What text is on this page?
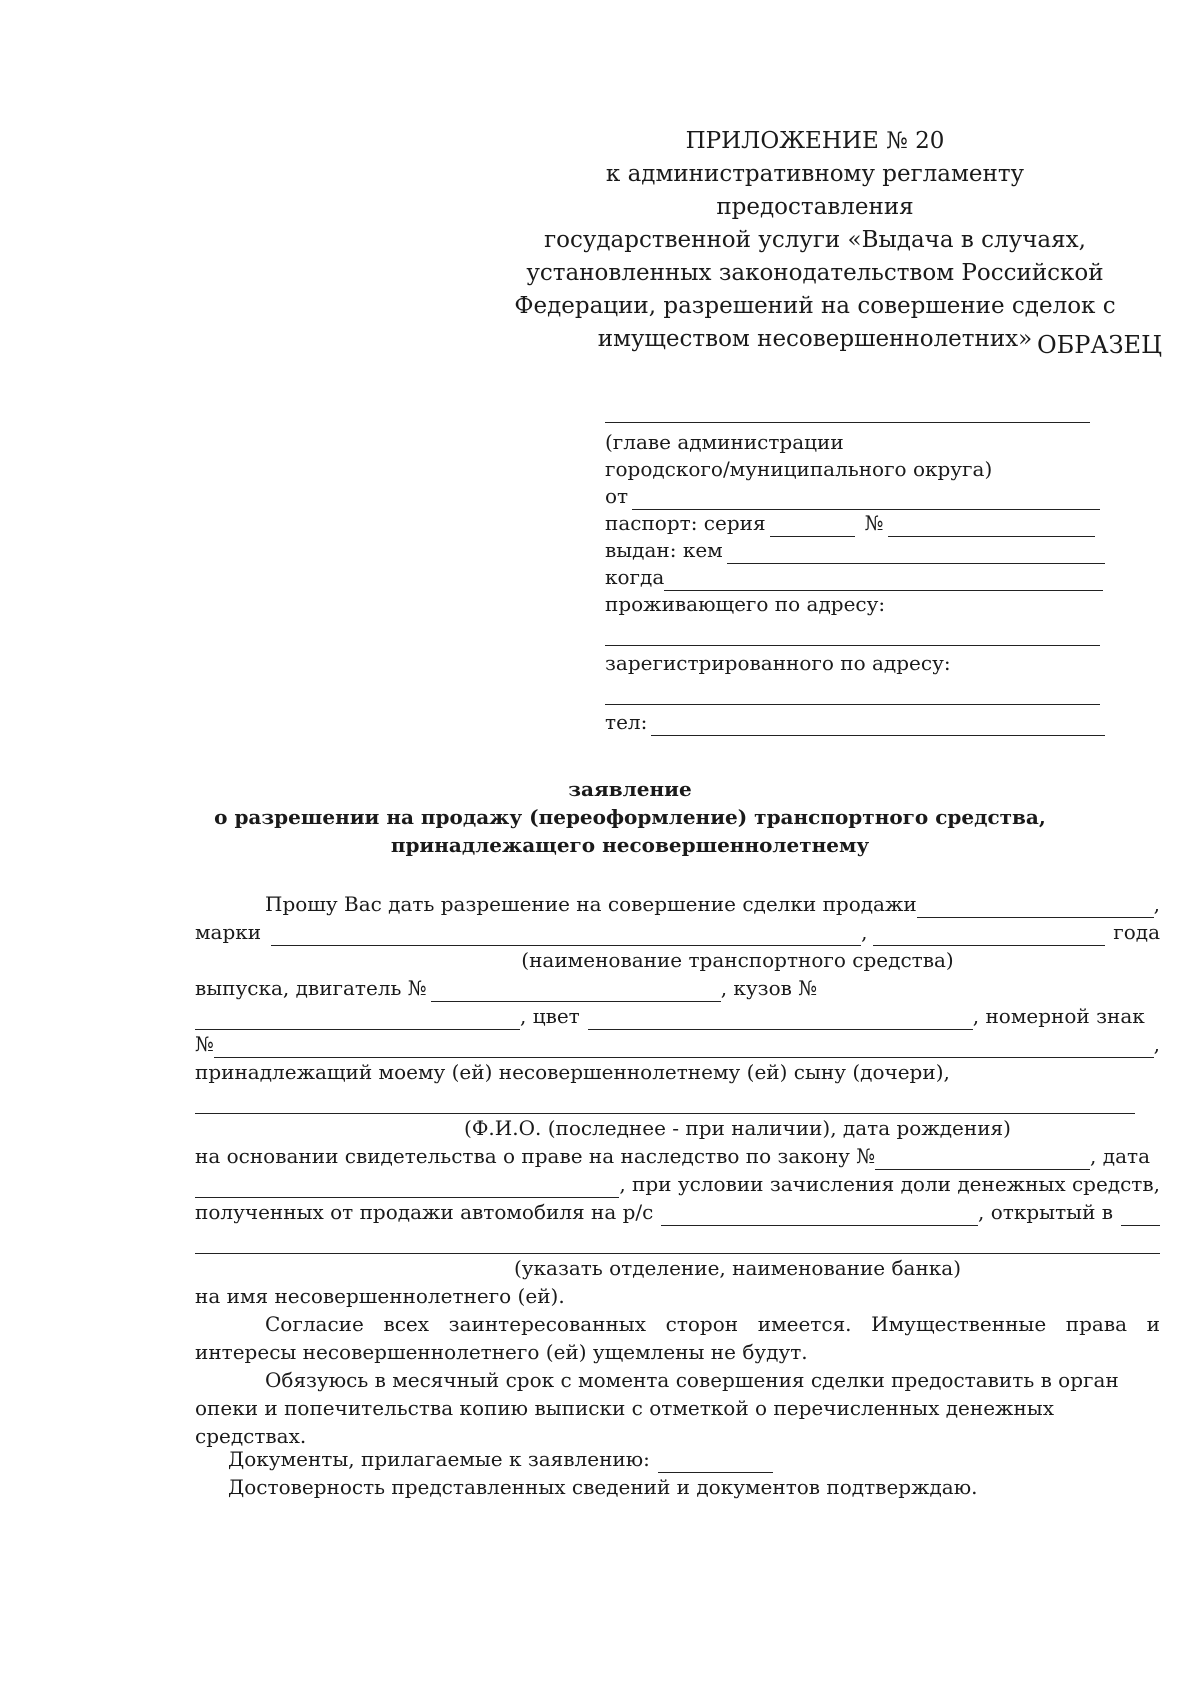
ПРИЛОЖЕНИЕ № 20
к административному регламенту предоставления
государственной услуги «Выдача в случаях,
установленных законодательством Российской
Федерации, разрешений на совершение сделок с
имуществом несовершеннолетних» ОБРАЗЕЦ
(главе администрации
городского/муниципального округа)
от
паспорт: серия	№
выдан: кем
когда
проживающего по адресу:
зарегистрированного по адресу:
тел:
заявление
о разрешении на продажу (переоформление) транспортного средства,
принадлежащего несовершеннолетнему
Прошу Вас дать разрешение на совершение сделки продажи	,
марки	,	года
(наименование транспортного средства)
выпуска, двигатель №	, кузов №
, цвет	, номерной знак
№	,
принадлежащий моему (ей) несовершеннолетнему (ей) сыну (дочери),
(Ф.И.О. (последнее - при наличии), дата рождения)
на основании свидетельства о праве на наследство по закону №	, дата
, при условии зачисления доли денежных средств,
полученных от продажи автомобиля на р/с	, открытый в
(указать отделение, наименование банка)
на имя несовершеннолетнего (ей).
Согласие всех заинтересованных сторон имеется. Имущественные права и интересы несовершеннолетнего (ей) ущемлены не будут.
Обязуюсь в месячный срок с момента совершения сделки предоставить в орган
опеки и попечительства копию выписки с отметкой о перечисленных денежных средствах.
Документы, прилагаемые к заявлению:
Достоверность представленных сведений и документов подтверждаю.
